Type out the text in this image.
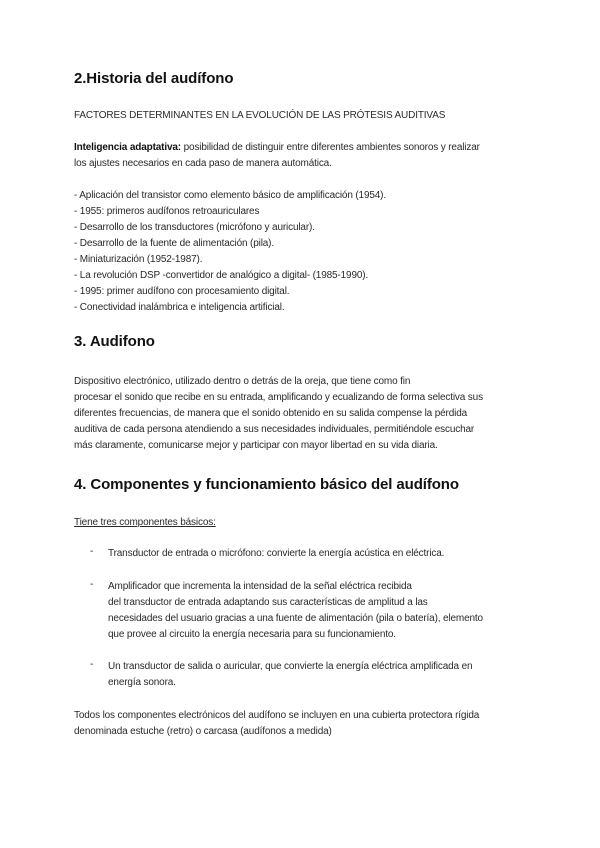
2.Historia del audífono
FACTORES DETERMINANTES EN LA EVOLUCIÓN DE LAS PRÓTESIS AUDITIVAS
Inteligencia adaptativa: posibilidad de distinguir entre diferentes ambientes sonoros y realizar
los ajustes necesarios en cada paso de manera automática.
- Aplicación del transistor como elemento básico de amplificación (1954).
- 1955: primeros audífonos retroauriculares
- Desarrollo de los transductores (micrófono y auricular).
- Desarrollo de la fuente de alimentación (pila).
- Miniaturización (1952-1987).
- La revolución DSP -convertidor de analógico a digital- (1985-1990).
- 1995: primer audífono con procesamiento digital.
- Conectividad inalámbrica e inteligencia artificial.
3. Audifono
Dispositivo electrónico, utilizado dentro o detrás de la oreja, que tiene como fin
procesar el sonido que recibe en su entrada, amplificando y ecualizando de forma selectiva sus
diferentes frecuencias, de manera que el sonido obtenido en su salida compense la pérdida
auditiva de cada persona atendiendo a sus necesidades individuales, permitiéndole escuchar
más claramente, comunicarse mejor y participar con mayor libertad en su vida diaria.
4. Componentes y funcionamiento básico del audífono
Tiene tres componentes básicos:
- Transductor de entrada o micrófono: convierte la energía acústica en eléctrica.
- Amplificador que incrementa la intensidad de la señal eléctrica recibida
del transductor de entrada adaptando sus características de amplitud a las
necesidades del usuario gracias a una fuente de alimentación (pila o batería), elemento
que provee al circuito la energía necesaria para su funcionamiento.
- Un transductor de salida o auricular, que convierte la energía eléctrica amplificada en
energía sonora.
Todos los componentes electrónicos del audífono se incluyen en una cubierta protectora rígida
denominada estuche (retro) o carcasa (audífonos a medida)
